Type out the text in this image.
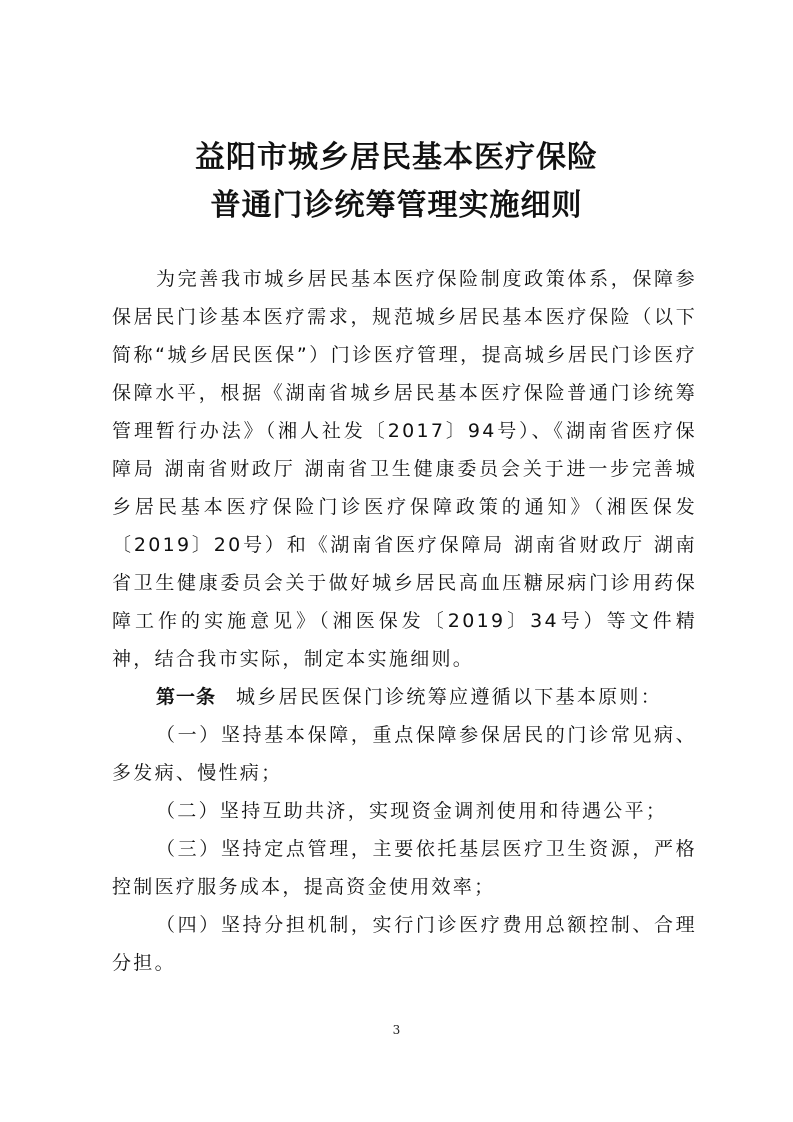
益阳市城乡居民基本医疗保险
普通门诊统筹管理实施细则

为完善我市城乡居民基本医疗保险制度政策体系，保障参保居民门诊基本医疗需求，规范城乡居民基本医疗保险（以下简称“城乡居民医保”）门诊医疗管理，提高城乡居民门诊医疗保障水平，根据《湖南省城乡居民基本医疗保险普通门诊统筹管理暂行办法》（湘人社发〔2017〕94号）、《湖南省医疗保障局 湖南省财政厅 湖南省卫生健康委员会关于进一步完善城乡居民基本医疗保险门诊医疗保障政策的通知》（湘医保发〔2019〕20号）和《湖南省医疗保障局 湖南省财政厅 湖南省卫生健康委员会关于做好城乡居民高血压糖尿病门诊用药保障工作的实施意见》（湘医保发〔2019〕34号）等文件精神，结合我市实际，制定本实施细则。

第一条 城乡居民医保门诊统筹应遵循以下基本原则：

（一）坚持基本保障，重点保障参保居民的门诊常见病、多发病、慢性病；

（二）坚持互助共济，实现资金调剂使用和待遇公平；

（三）坚持定点管理，主要依托基层医疗卫生资源，严格控制医疗服务成本，提高资金使用效率；

（四）坚持分担机制，实行门诊医疗费用总额控制、合理分担。

3
